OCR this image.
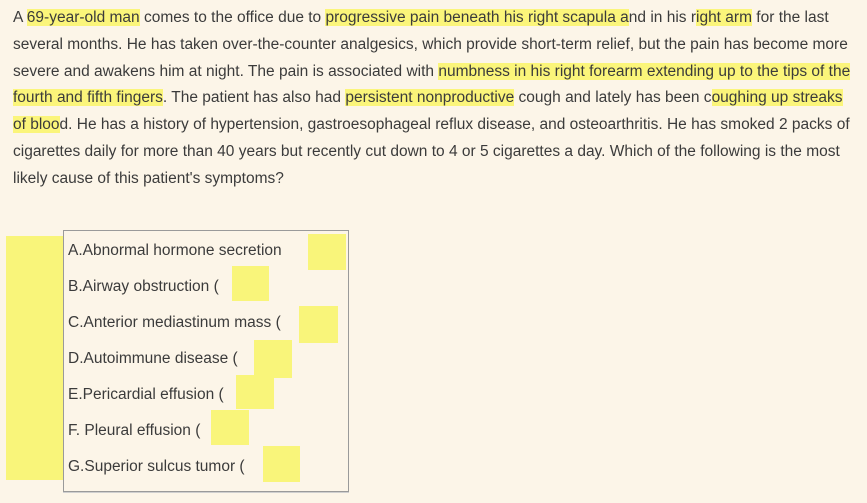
A 69-year-old man comes to the office due to progressive pain beneath his right scapula and in his right arm for the last several months. He has taken over-the-counter analgesics, which provide short-term relief, but the pain has become more severe and awakens him at night. The pain is associated with numbness in his right forearm extending up to the tips of the fourth and fifth fingers. The patient has also had persistent nonproductive cough and lately has been coughing up streaks of blood. He has a history of hypertension, gastroesophageal reflux disease, and osteoarthritis. He has smoked 2 packs of cigarettes daily for more than 40 years but recently cut down to 4 or 5 cigarettes a day. Which of the following is the most likely cause of this patient's symptoms?

A.Abnormal hormone secretion
B.Airway obstruction (
C.Anterior mediastinum mass (
D.Autoimmune disease (
E.Pericardial effusion (
F. Pleural effusion (
G.Superior sulcus tumor (
